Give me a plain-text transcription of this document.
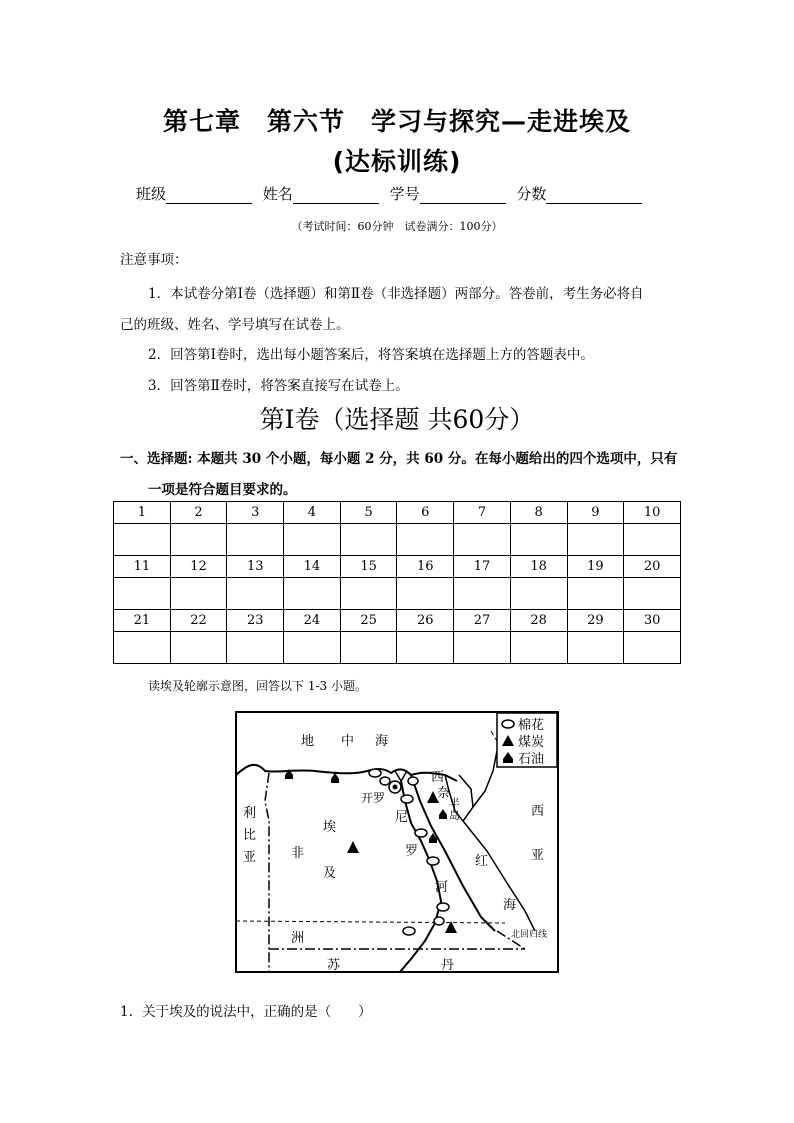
第七章　第六节　学习与探究—走进埃及
(达标训练)
班级	姓名	学号	分数
（考试时间：60分钟　试卷满分：100分）
注意事项：
1．本试卷分第Ⅰ卷（选择题）和第Ⅱ卷（非选择题）两部分。答卷前，考生务必将自
己的班级、姓名、学号填写在试卷上。
2．回答第Ⅰ卷时，选出每小题答案后，将答案填在选择题上方的答题表中。
3．回答第Ⅱ卷时，将答案直接写在试卷上。
第Ⅰ卷（选择题 共60分）
一、选择题: 本题共 30 个小题，每小题 2 分，共 60 分。在每小题给出的四个选项中，只有
一项是符合题目要求的。
1	2	3	4	5	6	7	8	9	10

11	12	13	14	15	16	17	18	19	20

21	22	23	24	25	26	27	28	29	30

读埃及轮廓示意图，回答以下 1-3 小题。
棉花
煤炭
石油
地 中 海
开罗
利
比
亚	非
洲
埃
及
尼
罗
河
西
奈
半
岛
红
海
西
亚
北回归线
苏	丹
1．关于埃及的说法中，正确的是（　　）
